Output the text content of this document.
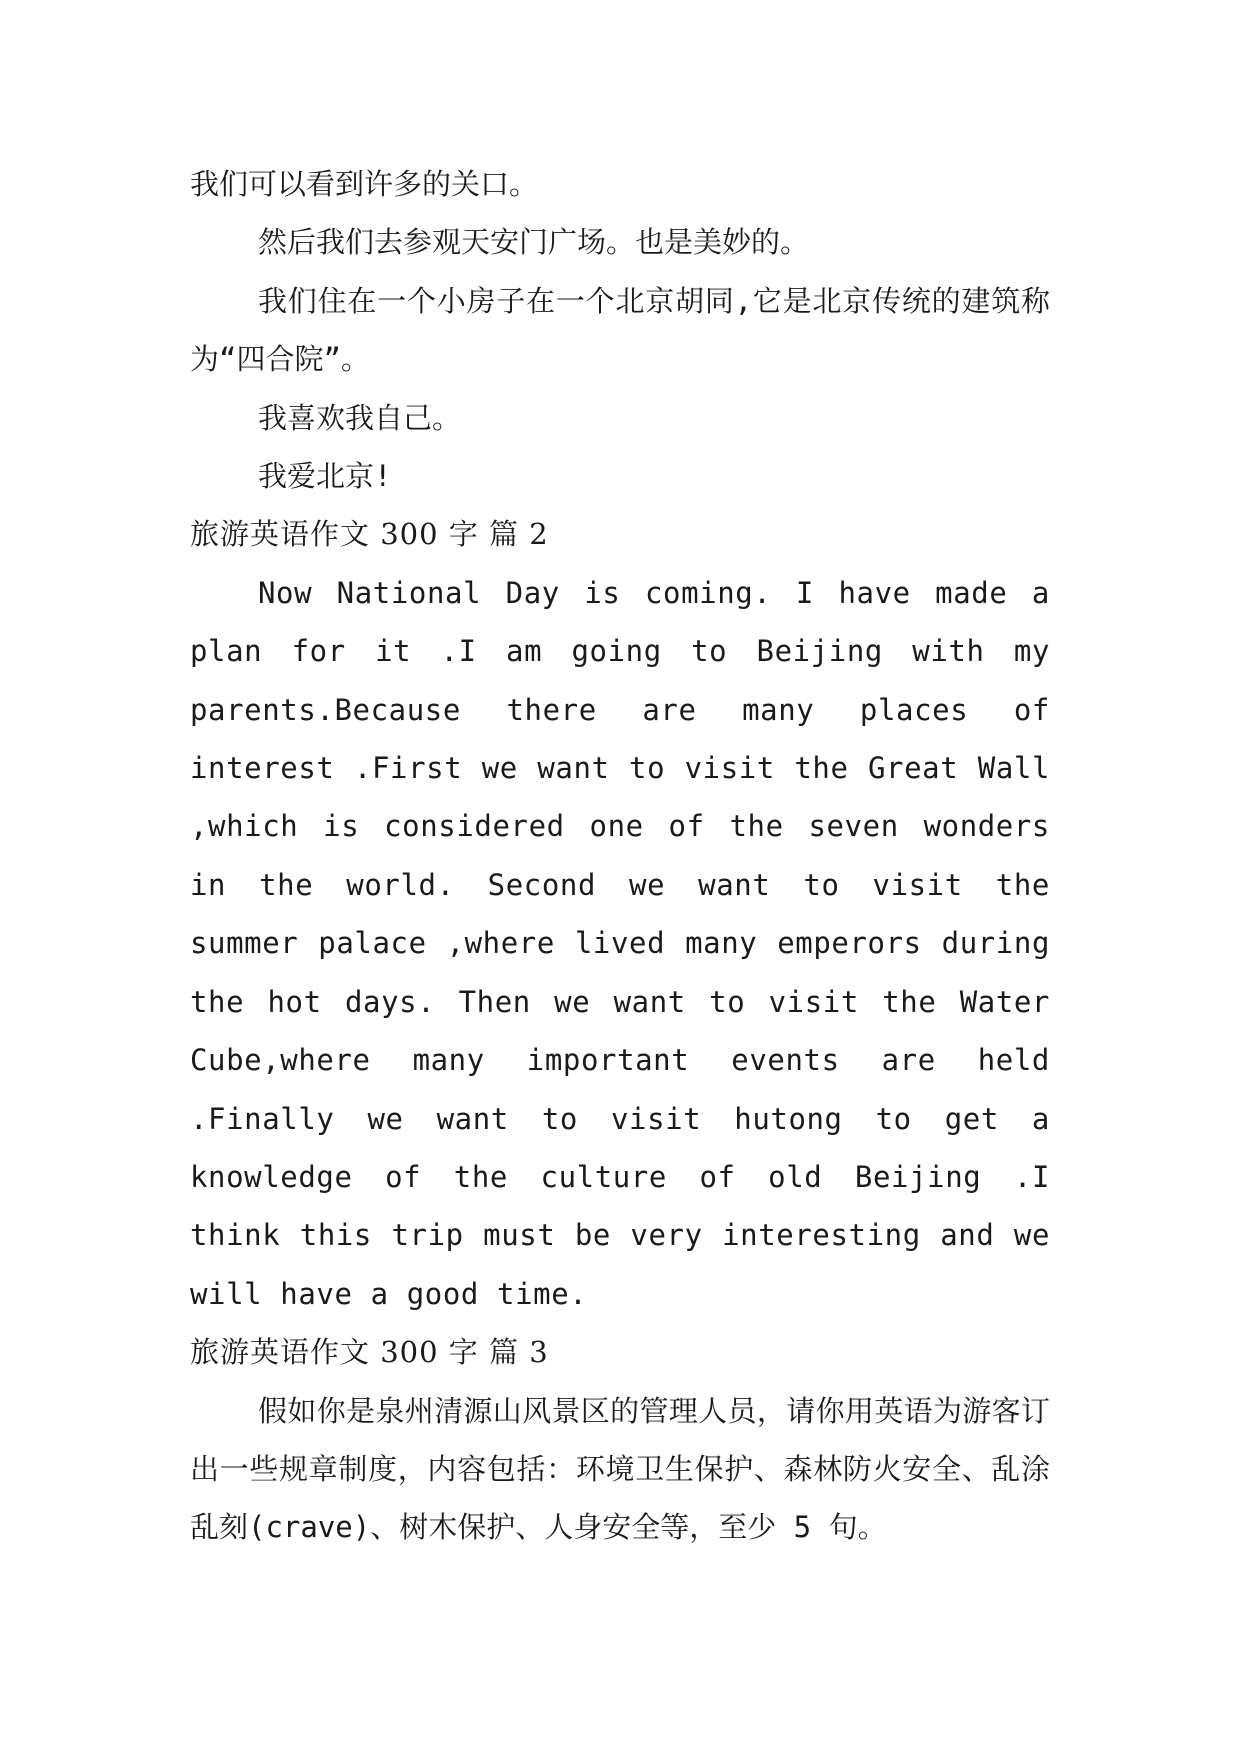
我们可以看到许多的关口。

然后我们去参观天安门广场。也是美妙的。

我们住在一个小房子在一个北京胡同,它是北京传统的建筑称为“四合院”。

我喜欢我自己。

我爱北京!

旅游英语作文 300 字 篇 2

Now National Day is coming. I have made a plan for it .I am going to Beijing with my parents.Because there are many places of interest .First we want to visit the Great Wall ,which is considered one of the seven wonders in the world. Second we want to visit the summer palace ,where lived many emperors during the hot days. Then we want to visit the Water Cube,where many important events are held .Finally we want to visit hutong to get a knowledge of the culture of old Beijing .I think this trip must be very interesting and we will have a good time.

旅游英语作文 300 字 篇 3

假如你是泉州清源山风景区的管理人员，请你用英语为游客订出一些规章制度，内容包括：环境卫生保护、森林防火安全、乱涂乱刻(crave)、树木保护、人身安全等，至少 5 句。
